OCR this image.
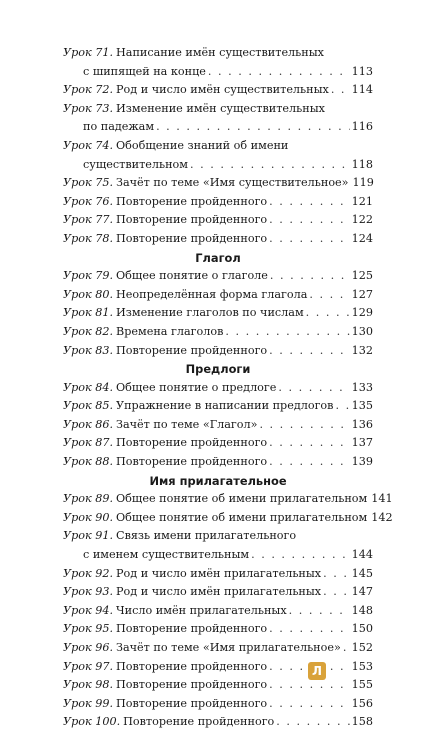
Урок 71. Написание имён существительных
с шипящей на конце . . .	113
Урок 72. Род и число имён существительных . . . 114
Урок 73. Изменение имён существительных
по падежам . . .	116
Урок 74. Обобщение знаний об имени
существительном . . .	118
Урок 75. Зачёт по теме «Имя существительное» 119
Урок 76. Повторение пройденного . . .	121
Урок 77. Повторение пройденного . . .	122
Урок 78. Повторение пройденного . . .	124
Глагол
Урок 79. Общее понятие о глаголе . . .	125
Урок 80. Неопределённая форма глагола . . .	127
Урок 81. Изменение глаголов по числам . . .	129
Урок 82. Времена глаголов . . .	130
Урок 83. Повторение пройденного . . .	132
Предлоги
Урок 84. Общее понятие о предлоге . . .	133
Урок 85. Упражнение в написании предлогов . . . 135
Урок 86. Зачёт по теме «Глагол» . . .	136
Урок 87. Повторение пройденного . . .	137
Урок 88. Повторение пройденного . . .	139
Имя прилагательное
Урок 89. Общее понятие об имени прилагательном 141
Урок 90. Общее понятие об имени прилагательном 142
Урок 91. Связь имени прилагательного
с именем существительным . . .	144
Урок 92. Род и число имён прилагательных . . .	145
Урок 93. Род и число имён прилагательных . . .	147
Урок 94. Число имён прилагательных . . .	148
Урок 95. Повторение пройденного . . .	150
Урок 96. Зачёт по теме «Имя прилагательное» . . . 152
Урок 97. Повторение пройденного . . .	153
Урок 98. Повторение пройденного . . .	155
Урок 99. Повторение пройденного . . .	156
Урок 100. Повторение пройденного . . .	158
Л
